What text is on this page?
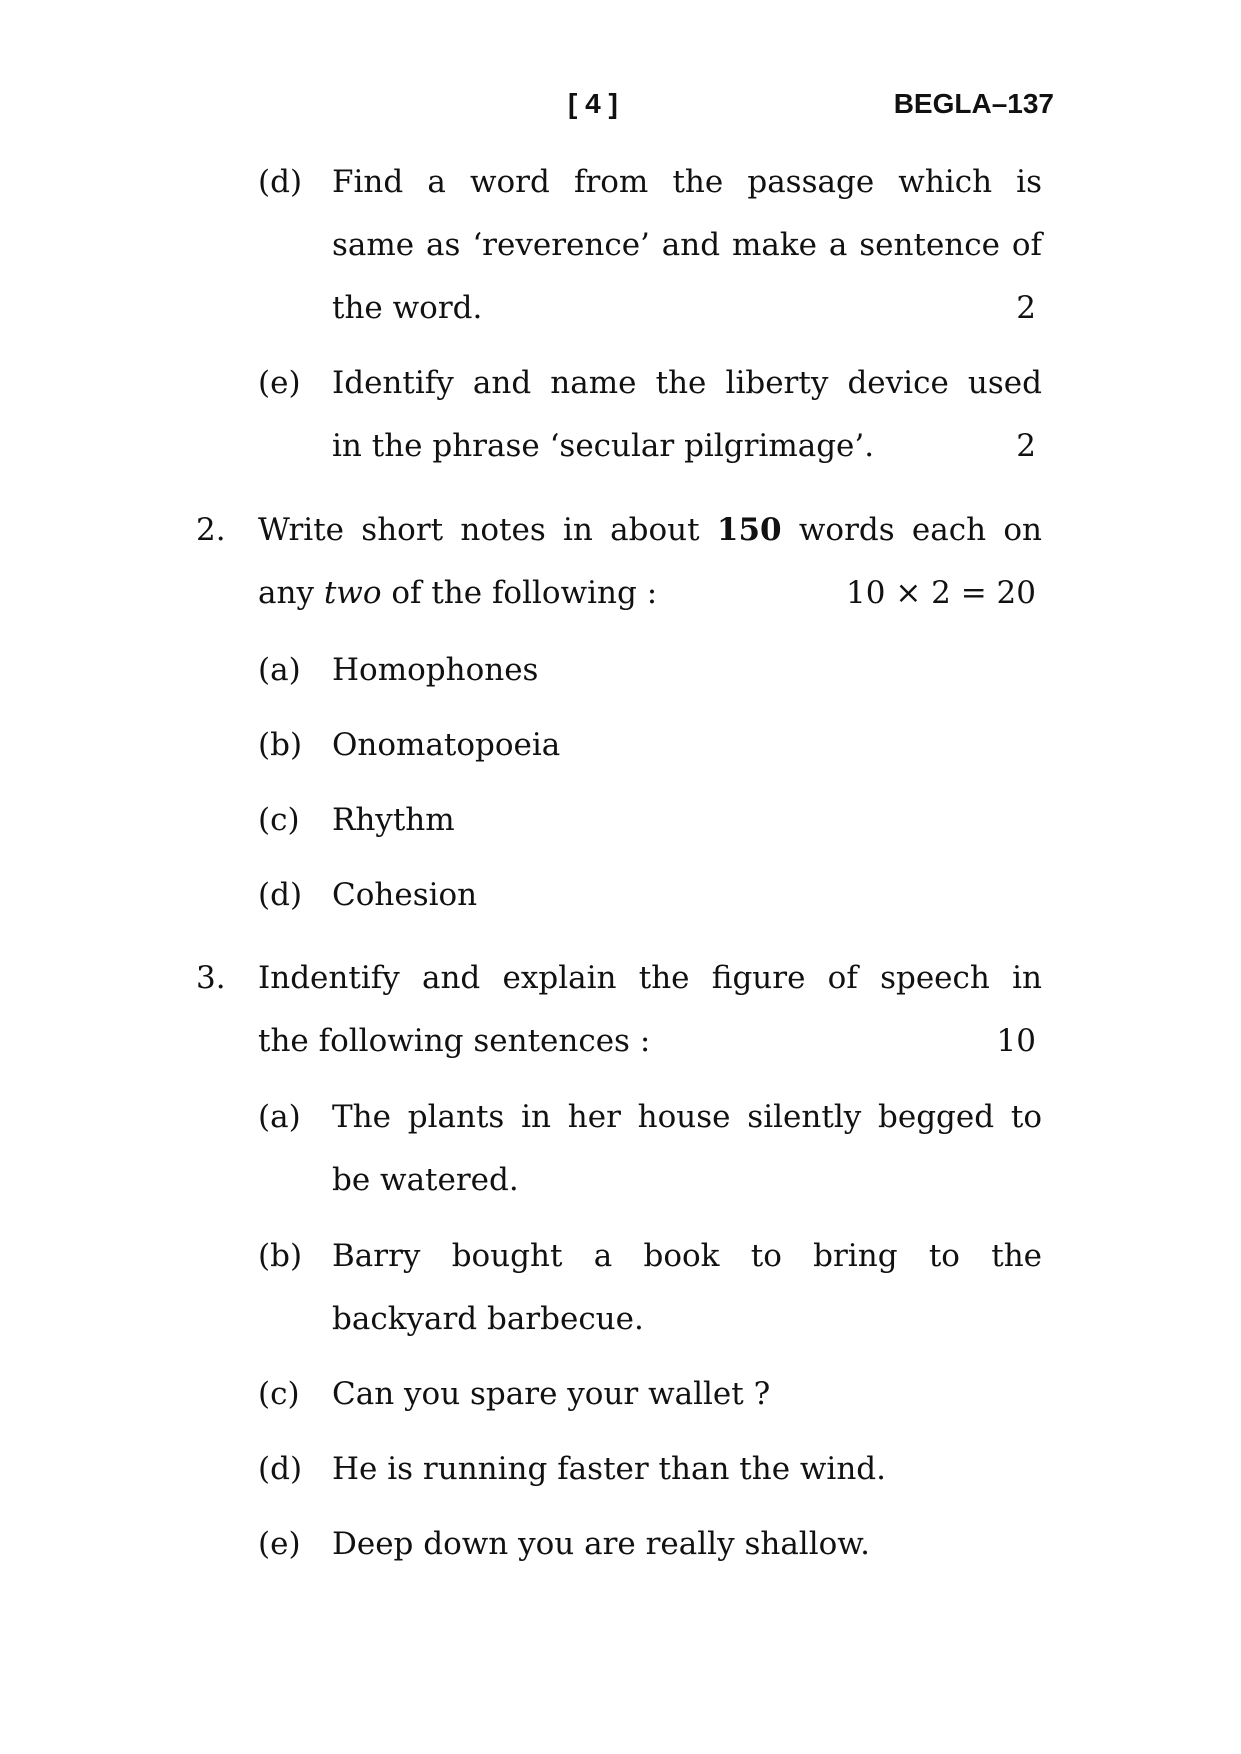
[ 4 ]	BEGLA–137
(d) Find a word from the passage which is
same as ‘reverence’ and make a sentence of
the word.	2
(e) Identify and name the liberty device used
in the phrase ‘secular pilgrimage’.	2
2. Write short notes in about 150 words each on
any two of the following :	10 × 2 = 20
(a) Homophones
(b) Onomatopoeia
(c) Rhythm
(d) Cohesion
3. Indentify and explain the figure of speech in
the following sentences :	10
(a) The plants in her house silently begged to
be watered.
(b) Barry bought a book to bring to the
backyard barbecue.
(c) Can you spare your wallet ?
(d) He is running faster than the wind.
(e) Deep down you are really shallow.
